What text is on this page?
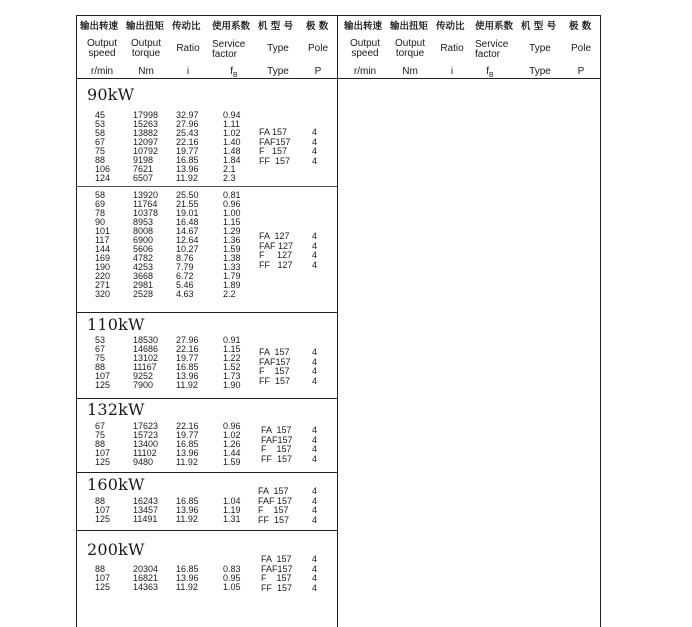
输出转速
Output
speed
r/min
输出扭矩
Output
torque
Nm
传动比
Ratio
i
使用系数
Service
factor
$f_B$
机 型 号
Type
Type
极 数
Pole
P
输出转速
Output
speed
r/min
输出扭矩
Output
torque
Nm
传动比
Ratio
i
使用系数
Service
factor
$f_B$
机 型 号
Type
Type
极 数
Pole
P
90kW
45
53
58
67
75
88
106
124
17998
15263
13882
12097
10792
9198
7621
6507
32.97
27.96
25.43
22.16
19.77
16.85
13.96
11.92
0.94
1.11
1.02
1.40
1.48
1.84
2.1
2.3
FA 157
FAF157
F   157
FF  157
4
4
4
4
58
69
78
90
101
117
144
169
190
220
271
320
13920
11764
10378
8953
8008
6900
5606
4782
4253
3668
2981
2528
25.50
21.55
19.01
16.48
14.67
12.64
10.27
8.76
7.79
6.72
5.46
4.63
0.81
0.96
1.00
1.15
1.29
1.36
1.59
1.38
1.33
1.79
1.89
2.2
FA  127
FAF 127
F     127
FF   127
4
4
4
4
110kW
53
67
75
88
107
125
18530
14686
13102
11167
9252
7900
27.96
22.16
19.77
16.85
13.96
11.92
0.91
1.15
1.22
1.52
1.73
1.90
FA  157
FAF157
F    157
FF  157
4
4
4
4
132kW
67
75
88
107
125
17623
15723
13400
11102
9480
22.16
19.77
16.85
13.96
11.92
0.96
1.02
1.26
1.44
1.59
FA  157
FAF157
F    157
FF  157
4
4
4
4
160kW
88
107
125
16243
13457
11491
16.85
13.96
11.92
1.04
1.19
1.31
FA  157
FAF 157
F    157
FF  157
4
4
4
4
200kW
88
107
125
20304
16821
14363
16.85
13.96
11.92
0.83
0.95
1.05
FA  157
FAF157
F    157
FF  157
4
4
4
4
